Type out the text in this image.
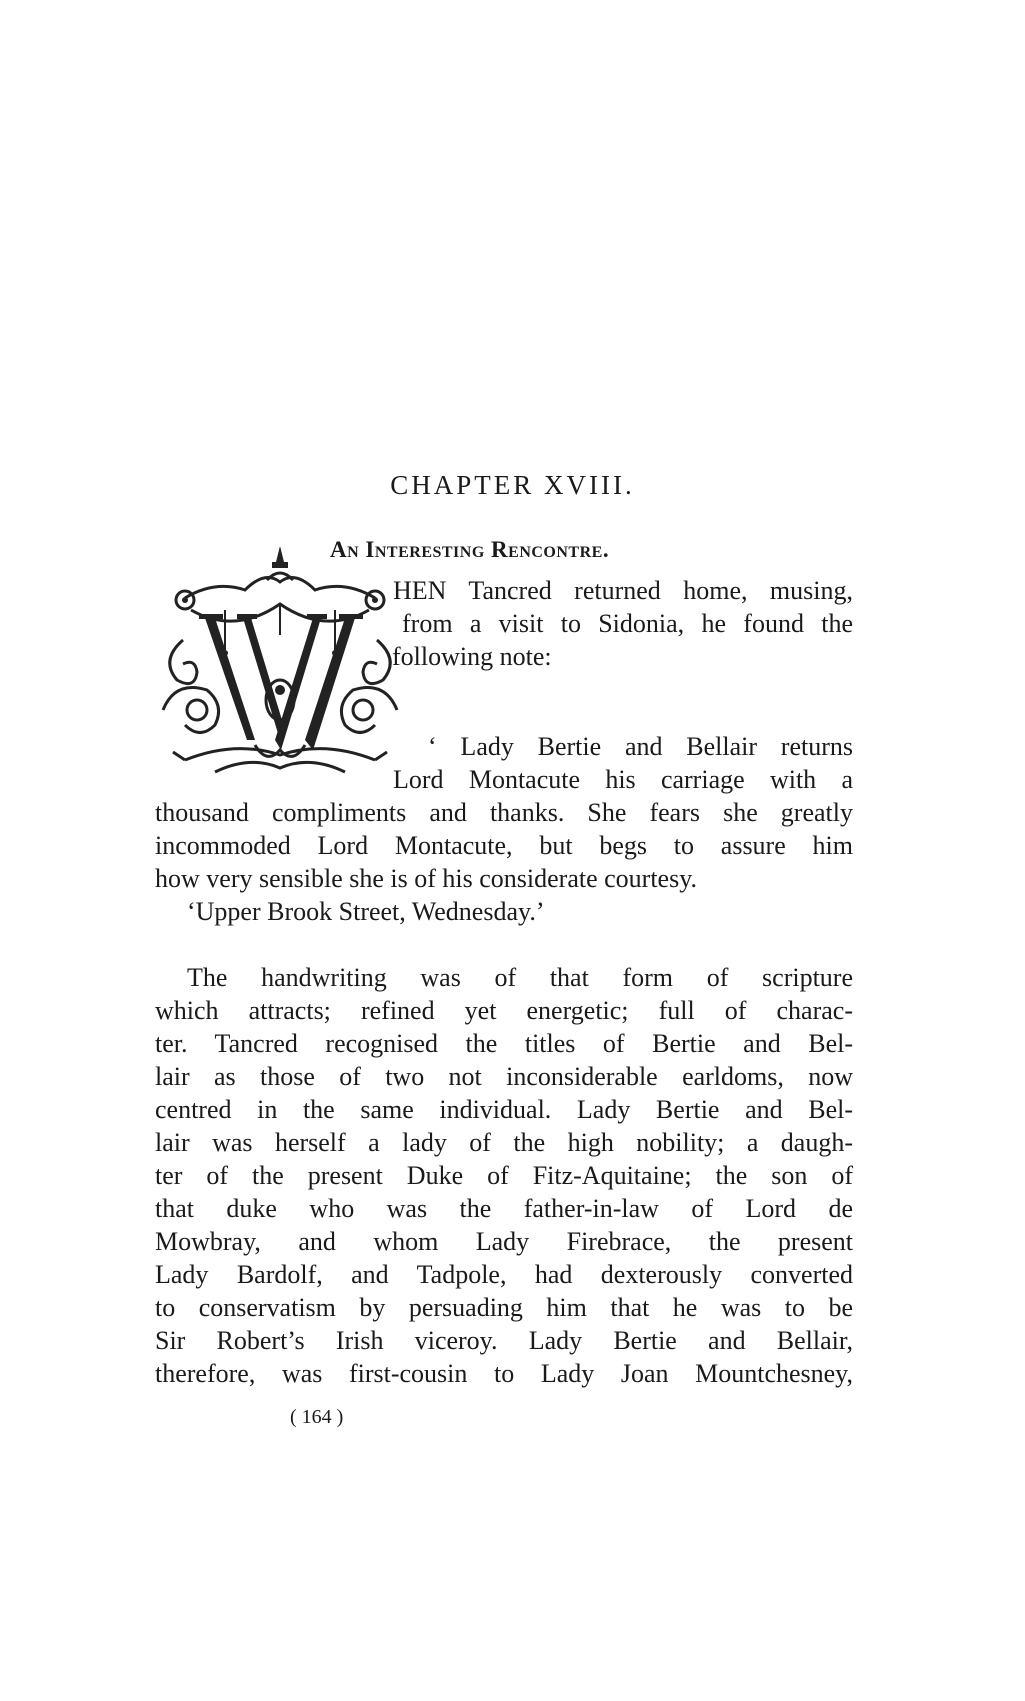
CHAPTER XVIII.
An Interesting Rencontre.

HEN Tancred returned home, musing,

from a visit to Sidonia, he found the

following note:

‘ Lady Bertie and Bellair returns

Lord Montacute his carriage with a

thousand compliments and thanks. She fears she greatly

incommoded Lord Montacute, but begs to assure him

how very sensible she is of his considerate courtesy.

‘Upper Brook Street, Wednesday.’

The handwriting was of that form of scripture

which attracts; refined yet energetic; full of charac-

ter. Tancred recognised the titles of Bertie and Bel-

lair as those of two not inconsiderable earldoms, now

centred in the same individual. Lady Bertie and Bel-

lair was herself a lady of the high nobility; a daugh-

ter of the present Duke of Fitz-Aquitaine; the son of

that duke who was the father-in-law of Lord de

Mowbray, and whom Lady Firebrace, the present

Lady Bardolf, and Tadpole, had dexterously converted

to conservatism by persuading him that he was to be

Sir Robert’s Irish viceroy. Lady Bertie and Bellair,

therefore, was first-cousin to Lady Joan Mountchesney,

( 164 )
